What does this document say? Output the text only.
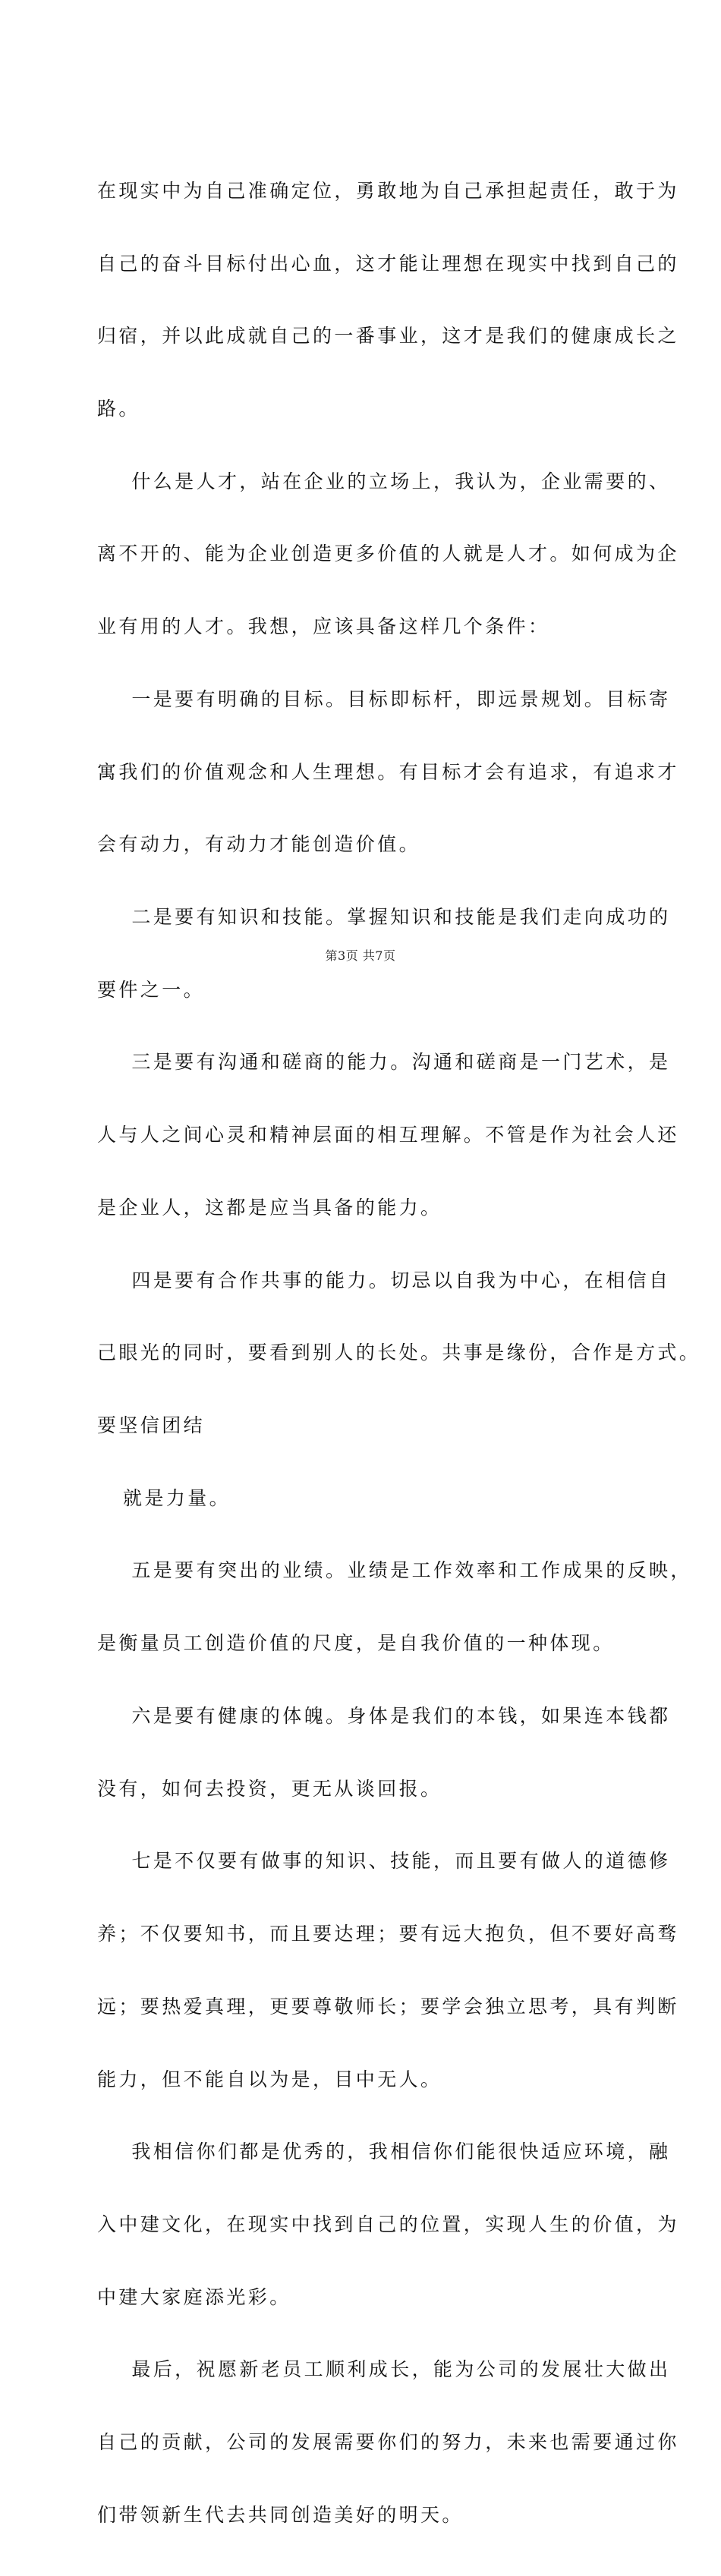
在现实中为自己准确定位，勇敢地为自己承担起责任，敢于为

自己的奋斗目标付出心血，这才能让理想在现实中找到自己的

归宿，并以此成就自己的一番事业，这才是我们的健康成长之

路。

什么是人才，站在企业的立场上，我认为，企业需要的、

离不开的、能为企业创造更多价值的人就是人才。如何成为企

业有用的人才。我想，应该具备这样几个条件：

一是要有明确的目标。目标即标杆，即远景规划。目标寄

寓我们的价值观念和人生理想。有目标才会有追求，有追求才

会有动力，有动力才能创造价值。

二是要有知识和技能。掌握知识和技能是我们走向成功的

要件之一。

三是要有沟通和磋商的能力。沟通和磋商是一门艺术，是

人与人之间心灵和精神层面的相互理解。不管是作为社会人还

是企业人，这都是应当具备的能力。

四是要有合作共事的能力。切忌以自我为中心，在相信自

己眼光的同时，要看到别人的长处。共事是缘份，合作是方式。

要坚信团结

就是力量。

五是要有突出的业绩。业绩是工作效率和工作成果的反映，

是衡量员工创造价值的尺度，是自我价值的一种体现。

六是要有健康的体魄。身体是我们的本钱，如果连本钱都

没有，如何去投资，更无从谈回报。

七是不仅要有做事的知识、技能，而且要有做人的道德修

养；不仅要知书，而且要达理；要有远大抱负，但不要好高骛

远；要热爱真理，更要尊敬师长；要学会独立思考，具有判断

能力，但不能自以为是，目中无人。

我相信你们都是优秀的，我相信你们能很快适应环境，融

入中建文化，在现实中找到自己的位置，实现人生的价值，为

中建大家庭添光彩。

最后，祝愿新老员工顺利成长，能为公司的发展壮大做出

自己的贡献，公司的发展需要你们的努力，未来也需要通过你

们带领新生代去共同创造美好的明天。

第3页 共7页
